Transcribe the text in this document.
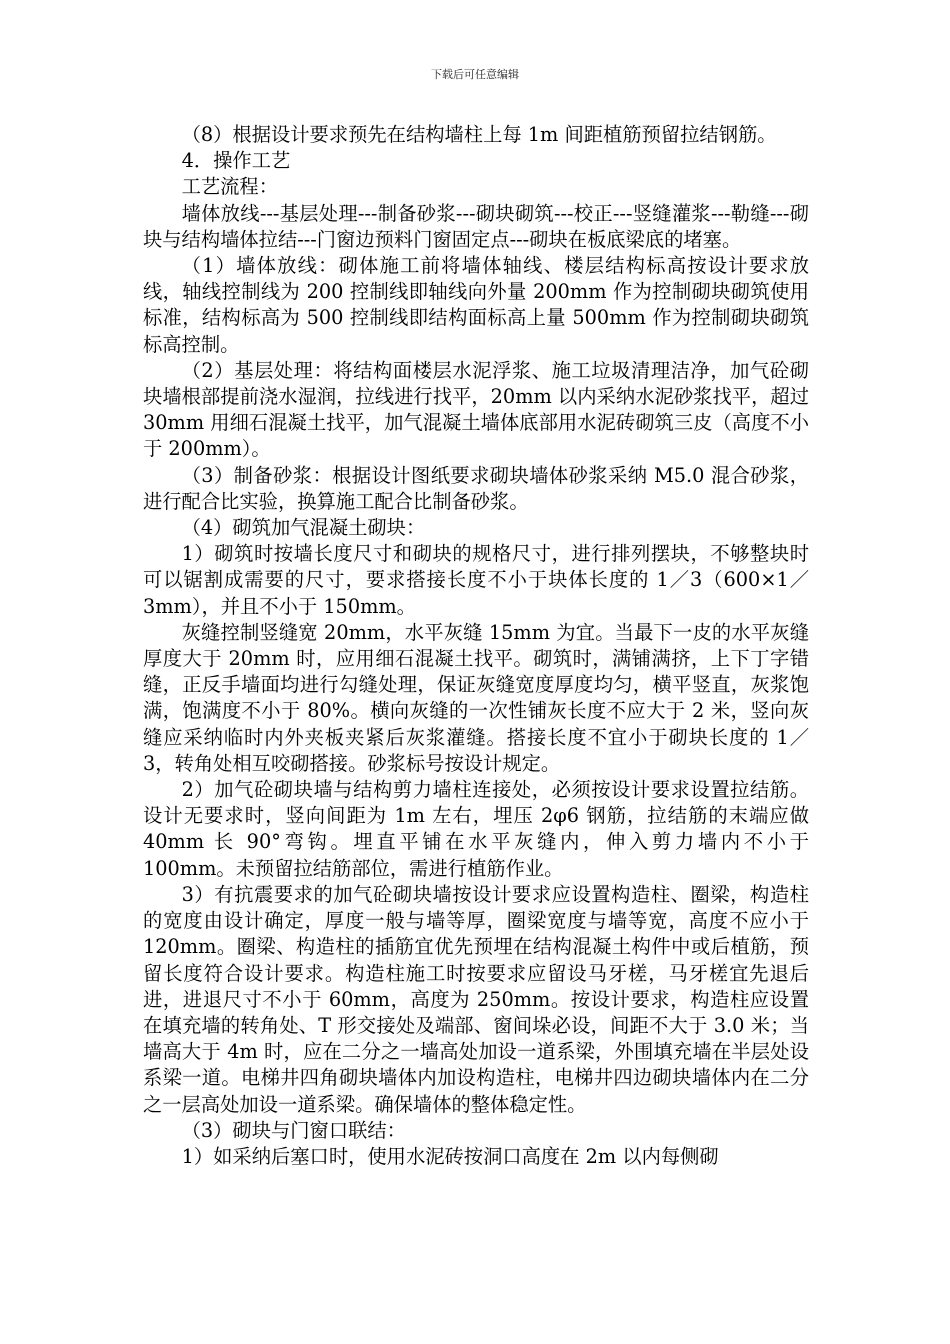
下载后可任意编辑

（8）根据设计要求预先在结构墙柱上每 1m 间距植筋预留拉结钢筋。

4．操作工艺

工艺流程：

墙体放线---基层处理---制备砂浆---砌块砌筑---校正---竖缝灌浆---勒缝---砌块与结构墙体拉结---门窗边预料门窗固定点---砌块在板底梁底的堵塞。

（1）墙体放线：砌体施工前将墙体轴线、楼层结构标高按设计要求放线，轴线控制线为 200 控制线即轴线向外量 200mm 作为控制砌块砌筑使用标准，结构标高为 500 控制线即结构面标高上量 500mm 作为控制砌块砌筑标高控制。

（2）基层处理：将结构面楼层水泥浮浆、施工垃圾清理洁净，加气砼砌块墙根部提前浇水湿润，拉线进行找平，20mm 以内采纳水泥砂浆找平，超过 30mm 用细石混凝土找平，加气混凝土墙体底部用水泥砖砌筑三皮（高度不小于 200mm）。

（3）制备砂浆：根据设计图纸要求砌块墙体砂浆采纳 M5.0 混合砂浆，进行配合比实验，换算施工配合比制备砂浆。

（4）砌筑加气混凝土砌块：

1）砌筑时按墙长度尺寸和砌块的规格尺寸，进行排列摆块，不够整块时可以锯割成需要的尺寸，要求搭接长度不小于块体长度的 1／3（600×1／3mm），并且不小于 150mm。

灰缝控制竖缝宽 20mm，水平灰缝 15mm 为宜。当最下一皮的水平灰缝厚度大于 20mm 时，应用细石混凝土找平。砌筑时，满铺满挤，上下丁字错缝，正反手墙面均进行勾缝处理，保证灰缝宽度厚度均匀，横平竖直，灰浆饱满，饱满度不小于 80%。横向灰缝的一次性铺灰长度不应大于 2 米，竖向灰缝应采纳临时内外夹板夹紧后灰浆灌缝。搭接长度不宜小于砌块长度的 1／3，转角处相互咬砌搭接。砂浆标号按设计规定。

2）加气砼砌块墙与结构剪力墙柱连接处，必须按设计要求设置拉结筋。设计无要求时，竖向间距为 1m 左右，埋压 2φ6 钢筋，拉结筋的末端应做 40mm 长 90°弯钩。埋直平铺在水平灰缝内，伸入剪力墙内不小于 100mm。未预留拉结筋部位，需进行植筋作业。

3）有抗震要求的加气砼砌块墙按设计要求应设置构造柱、圈梁，构造柱的宽度由设计确定，厚度一般与墙等厚，圈梁宽度与墙等宽，高度不应小于 120mm。圈梁、构造柱的插筋宜优先预埋在结构混凝土构件中或后植筋，预留长度符合设计要求。构造柱施工时按要求应留设马牙槎，马牙槎宜先退后进，进退尺寸不小于 60mm，高度为 250mm。按设计要求，构造柱应设置在填充墙的转角处、T 形交接处及端部、窗间垛必设，间距不大于 3.0 米；当墙高大于 4m 时，应在二分之一墙高处加设一道系梁，外围填充墙在半层处设系梁一道。电梯井四角砌块墙体内加设构造柱，电梯井四边砌块墙体内在二分之一层高处加设一道系梁。确保墙体的整体稳定性。

（3）砌块与门窗口联结：

1）如采纳后塞口时，使用水泥砖按洞口高度在 2m 以内每侧砌
